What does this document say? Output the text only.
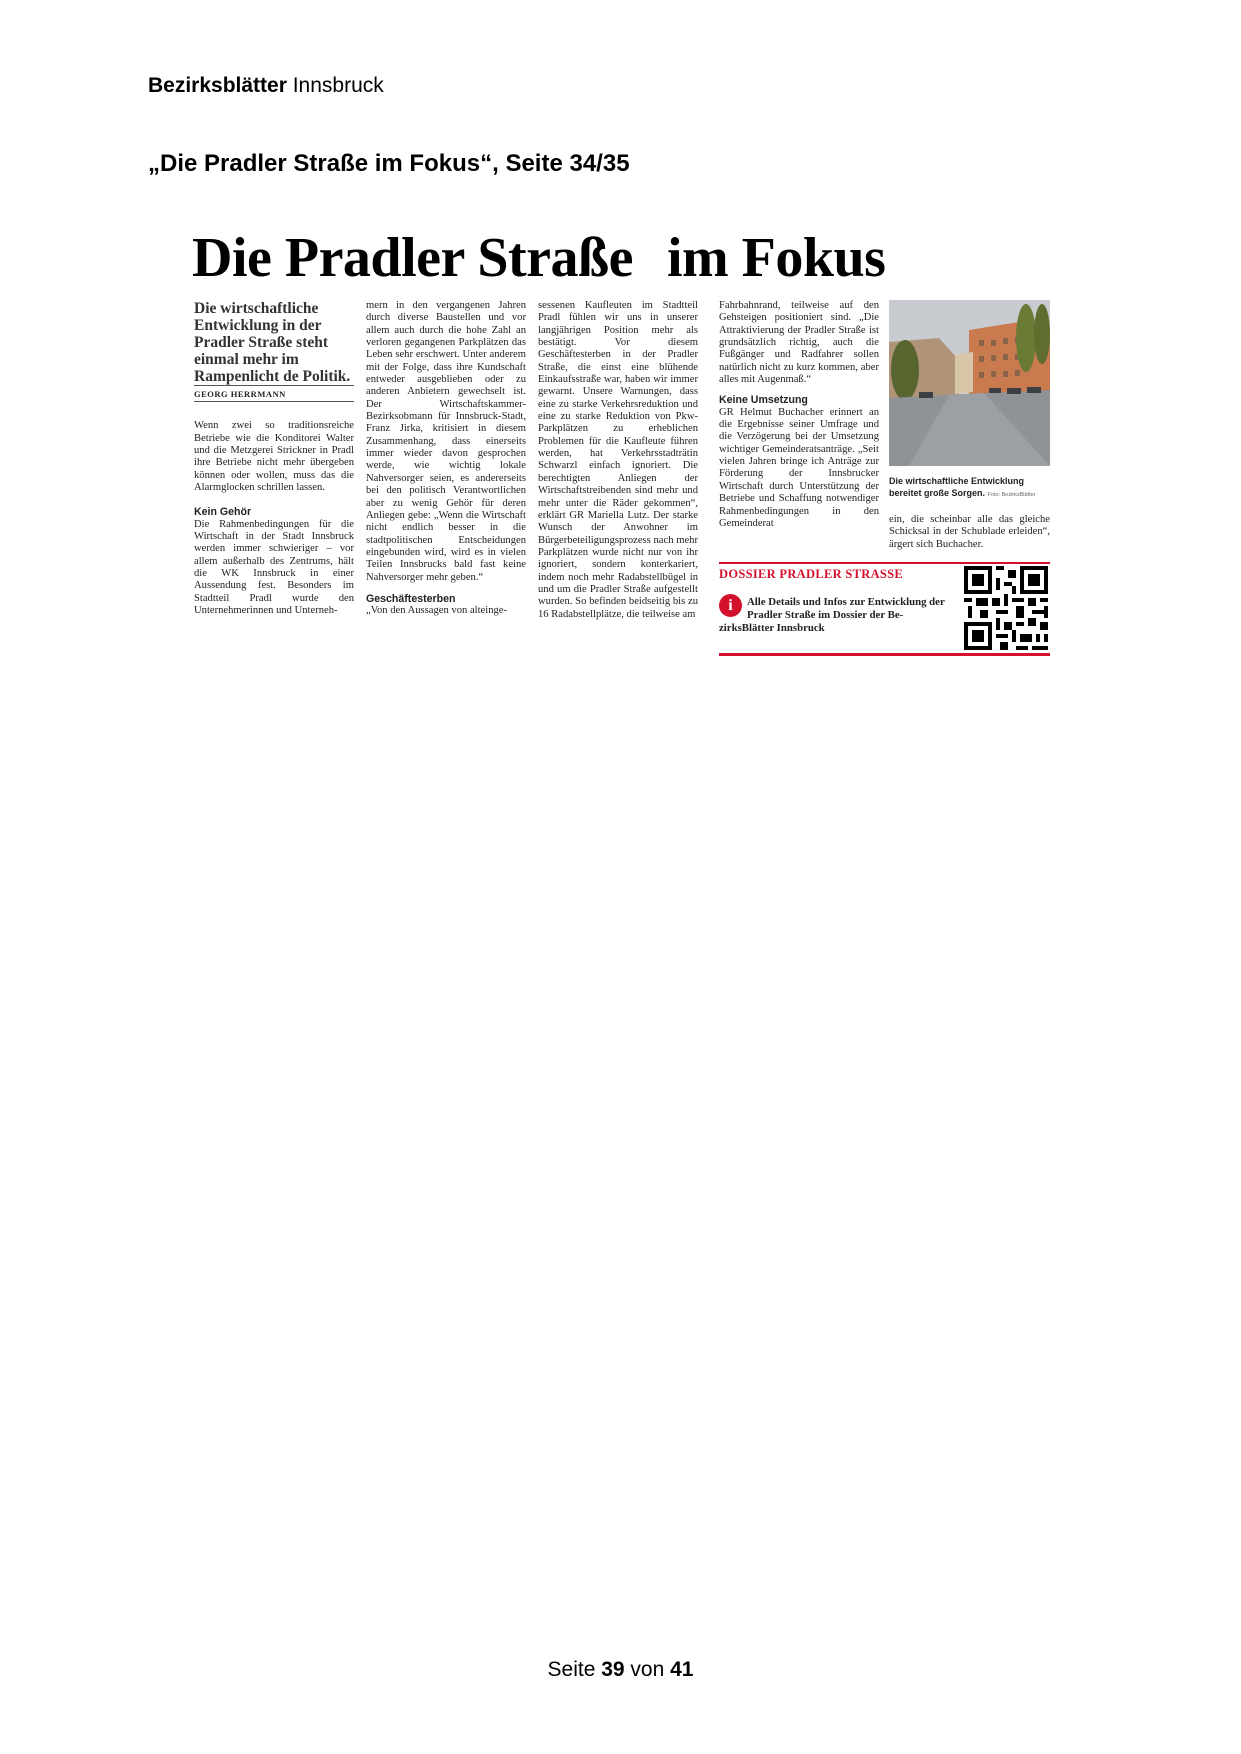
Bezirksblätter Innsbruck
„Die Pradler Straße im Fokus“, Seite 34/35
Die Pradler Straße im Fokus

Die wirtschaftliche Entwicklung in der Pradler Straße steht einmal mehr im Rampenlicht de Politik.

GEORG HERRMANN

Wenn zwei so traditionsreiche Betriebe wie die Konditorei Walter und die Metzgerei Strickner in Pradl ihre Betriebe nicht mehr übergeben können oder wollen, muss das die Alarmglocken schrillen lassen.

Kein Gehör

Die Rahmenbedingungen für die Wirtschaft in der Stadt Innsbruck werden immer schwieriger – vor allem außerhalb des Zentrums, hält die WK Innsbruck in einer Aussendung fest. Besonders im Stadtteil Pradl wurde den Unternehmerinnen und Unterneh-

mern in den vergangenen Jahren durch diverse Baustellen und vor allem auch durch die hohe Zahl an verloren gegangenen Parkplätzen das Leben sehr erschwert. Unter anderem mit der Folge, dass ihre Kundschaft entweder ausgeblieben oder zu anderen Anbietern gewechselt ist. Der Wirtschaftskammer-Bezirksobmann für Innsbruck-Stadt, Franz Jirka, kritisiert in diesem Zusammenhang, dass einerseits immer wieder davon gesprochen werde, wie wichtig lokale Nahversorger seien, es andererseits bei den politisch Verantwortlichen aber zu wenig Gehör für deren Anliegen gebe: „Wenn die Wirtschaft nicht endlich besser in die stadtpolitischen Entscheidungen eingebunden wird, wird es in vielen Teilen Innsbrucks bald fast keine Nahversorger mehr geben.“

Geschäftesterben

„Von den Aussagen von alteinge-

sessenen Kaufleuten im Stadtteil Pradl fühlen wir uns in unserer langjährigen Position mehr als bestätigt. Vor diesem Geschäftesterben in der Pradler Straße, die einst eine blühende Einkaufsstraße war, haben wir immer gewarnt. Unsere Warnungen, dass eine zu starke Verkehrsreduktion und eine zu starke Reduktion von Pkw-Parkplätzen zu erheblichen Problemen für die Kaufleute führen werden, hat Verkehrsstadträtin Schwarzl einfach ignoriert. Die berechtigten Anliegen der Wirtschaftstreibenden sind mehr und mehr unter die Räder gekommen“, erklärt GR Mariella Lutz. Der starke Wunsch der Anwohner im Bürgerbeteiligungsprozess nach mehr Parkplätzen wurde nicht nur von ihr ignoriert, sondern konterkariert, indem noch mehr Radabstellbügel in und um die Pradler Straße aufgestellt wurden. So befinden beidseitig bis zu 16 Radabstellplätze, die teilweise am

Fahrbahnrand, teilweise auf den Gehsteigen positioniert sind. „Die Attraktivierung der Pradler Straße ist grundsätzlich richtig, auch die Fußgänger und Radfahrer sollen natürlich nicht zu kurz kommen, aber alles mit Augenmaß.“

Keine Umsetzung

GR Helmut Buchacher erinnert an die Ergebnisse seiner Umfrage und die Verzögerung bei der Umsetzung wichtiger Gemeinderatsanträge. „Seit vielen Jahren bringe ich Anträge zur Förderung der Innsbrucker Wirtschaft durch Unterstützung der Betriebe und Schaffung notwendiger Rahmenbedingungen in den Gemeinderat

Die wirtschaftliche Entwicklung bereitet große Sorgen. Foto: BezirksBlätter

ein, die scheinbar alle das gleiche Schicksal in der Schublade erleiden“, ärgert sich Buchacher.

DOSSIER PRADLER STRASSE
i	Alle Details und Infos zur Entwicklung der Pradler Straße im Dossier der Be-
zirksBlätter Innsbruck
Seite 39 von 41
